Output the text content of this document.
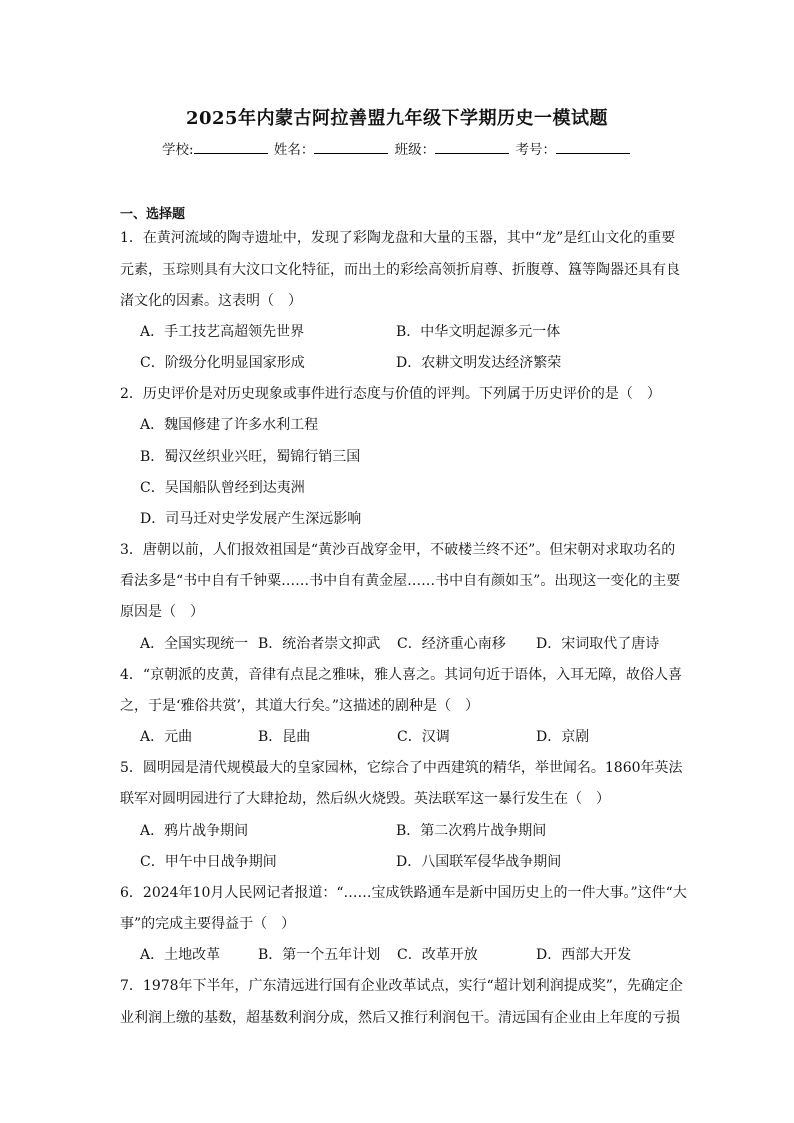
2025年内蒙古阿拉善盟九年级下学期历史一模试题
学校:	姓名：	班级：	考号：
一、选择题
1．在黄河流域的陶寺遗址中，发现了彩陶龙盘和大量的玉器，其中“龙”是红山文化的重要
元素，玉琮则具有大汶口文化特征，而出土的彩绘高领折肩尊、折腹尊、簋等陶器还具有良
渚文化的因素。这表明（　）
A．手工技艺高超领先世界	B．中华文明起源多元一体
C．阶级分化明显国家形成	D．农耕文明发达经济繁荣
2．历史评价是对历史现象或事件进行态度与价值的评判。下列属于历史评价的是（　）
A．魏国修建了许多水利工程
B．蜀汉丝织业兴旺，蜀锦行销三国
C．吴国船队曾经到达夷洲
D．司马迁对史学发展产生深远影响
3．唐朝以前，人们报效祖国是“黄沙百战穿金甲，不破楼兰终不还”。但宋朝对求取功名的
看法多是“书中自有千钟粟……书中自有黄金屋……书中自有颜如玉”。出现这一变化的主要
原因是（　）
A．全国实现统一 B．统治者崇文抑武 C．经济重心南移 D．宋词取代了唐诗
4．“京朝派的皮黄，音律有点昆之雅味，雅人喜之。其词句近于语体，入耳无障，故俗人喜
之，于是‘雅俗共赏’，其道大行矣。”这描述的剧种是（　）
A．元曲	B．昆曲	C．汉调	D．京剧
5．圆明园是清代规模最大的皇家园林，它综合了中西建筑的精华，举世闻名。1860年英法
联军对圆明园进行了大肆抢劫，然后纵火烧毁。英法联军这一暴行发生在（　）
A．鸦片战争期间	B．第二次鸦片战争期间
C．甲午中日战争期间	D．八国联军侵华战争期间
6．2024年10月人民网记者报道：“……宝成铁路通车是新中国历史上的一件大事。”这件“大
事”的完成主要得益于（　）
A．土地改革	B．第一个五年计划 C．改革开放	D．西部大开发
7．1978年下半年，广东清远进行国有企业改革试点，实行“超计划利润提成奖”，先确定企
业利润上缴的基数，超基数利润分成，然后又推行利润包干。清远国有企业由上年度的亏损
